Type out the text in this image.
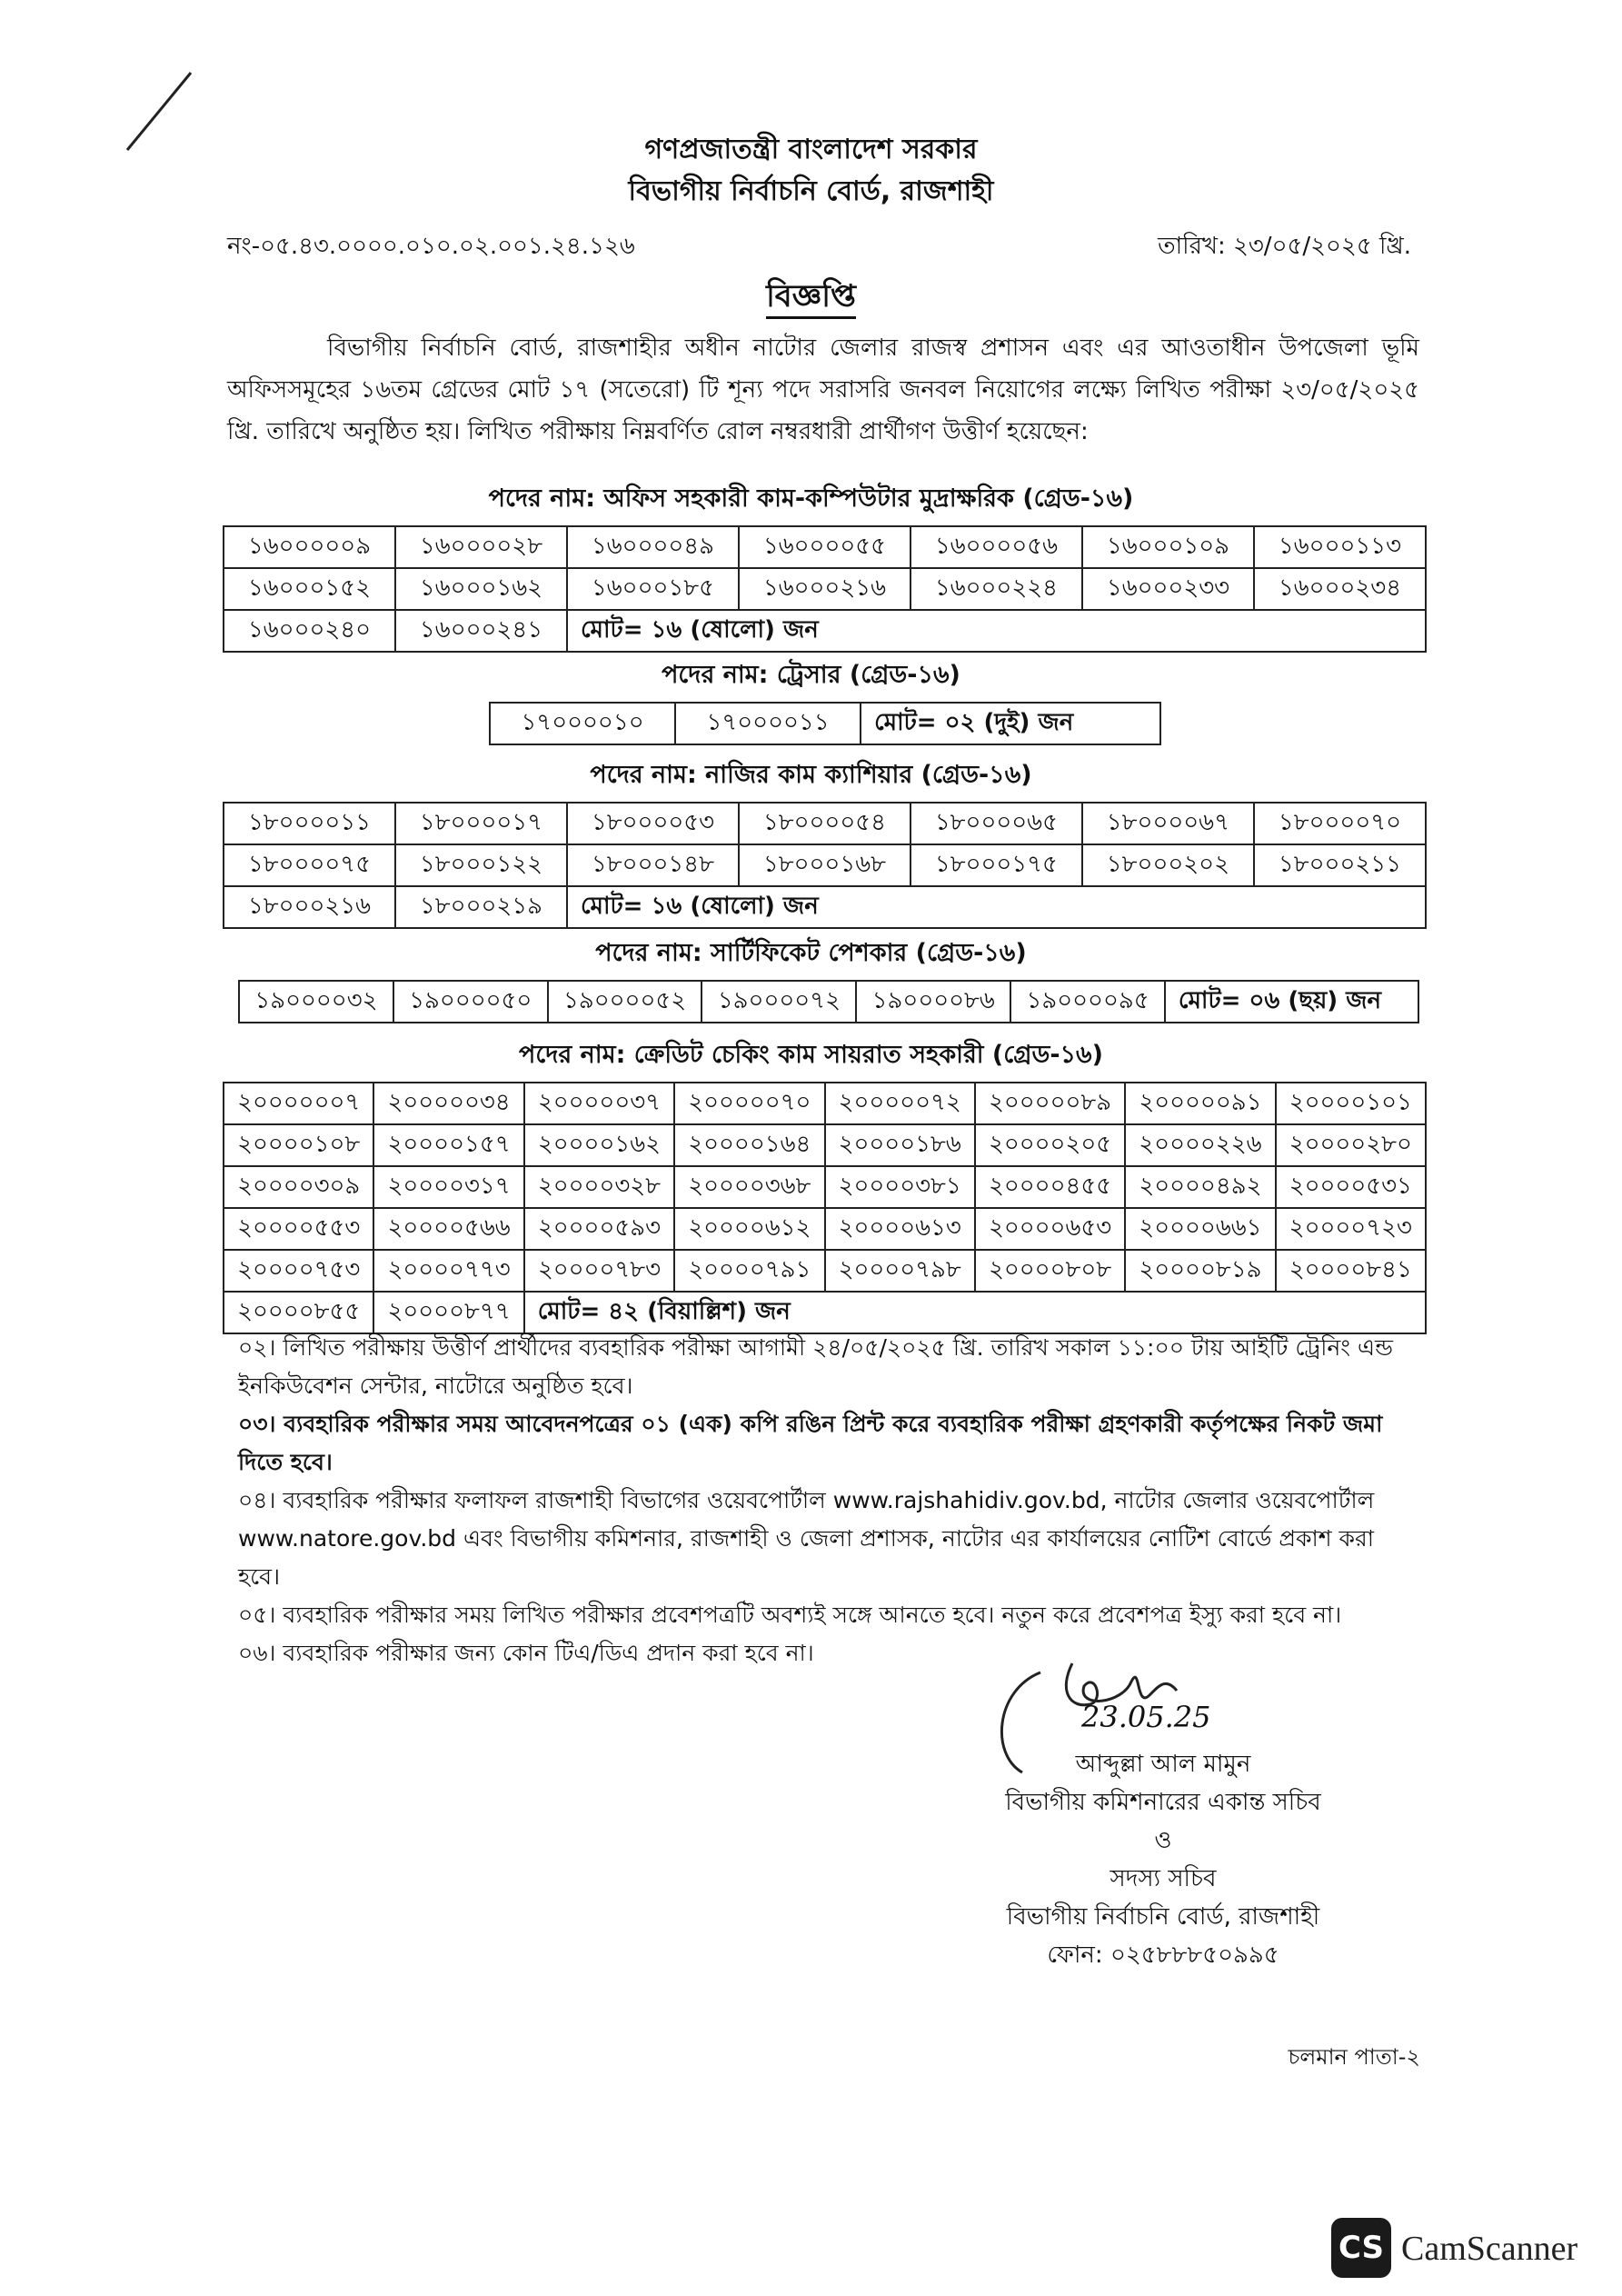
গণপ্রজাতন্ত্রী বাংলাদেশ সরকার
বিভাগীয় নির্বাচনি বোর্ড, রাজশাহী
নং-০৫.৪৩.০০০০.০১০.০২.০০১.২৪.১২৬	তারিখ: ২৩/০৫/২০২৫ খ্রি.
বিজ্ঞপ্তি
বিভাগীয় নির্বাচনি বোর্ড, রাজশাহীর অধীন নাটোর জেলার রাজস্ব প্রশাসন এবং এর আওতাধীন উপজেলা ভূমি অফিসসমূহের ১৬তম গ্রেডের মোট ১৭ (সতেরো) টি শূন্য পদে সরাসরি জনবল নিয়োগের লক্ষ্যে লিখিত পরীক্ষা ২৩/০৫/২০২৫ খ্রি. তারিখে অনুষ্ঠিত হয়। লিখিত পরীক্ষায় নিম্নবর্ণিত রোল নম্বরধারী প্রার্থীগণ উত্তীর্ণ হয়েছেন:
পদের নাম: অফিস সহকারী কাম-কম্পিউটার মুদ্রাক্ষরিক (গ্রেড-১৬)
১৬০০০০০৯	১৬০০০০২৮	১৬০০০০৪৯	১৬০০০০৫৫	১৬০০০০৫৬	১৬০০০১০৯	১৬০০০১১৩
১৬০০০১৫২	১৬০০০১৬২	১৬০০০১৮৫	১৬০০০২১৬	১৬০০০২২৪	১৬০০০২৩৩	১৬০০০২৩৪
১৬০০০২৪০	১৬০০০২৪১	মোট= ১৬ (ষোলো) জন				
পদের নাম: ট্রেসার (গ্রেড-১৬)
১৭০০০০১০	১৭০০০০১১	মোট= ০২ (দুই) জন
পদের নাম: নাজির কাম ক্যাশিয়ার (গ্রেড-১৬)
১৮০০০০১১	১৮০০০০১৭	১৮০০০০৫৩	১৮০০০০৫৪	১৮০০০০৬৫	১৮০০০০৬৭	১৮০০০০৭০
১৮০০০০৭৫	১৮০০০১২২	১৮০০০১৪৮	১৮০০০১৬৮	১৮০০০১৭৫	১৮০০০২০২	১৮০০০২১১
১৮০০০২১৬	১৮০০০২১৯	মোট= ১৬ (ষোলো) জন				
পদের নাম: সার্টিফিকেট পেশকার (গ্রেড-১৬)
১৯০০০০৩২	১৯০০০০৫০	১৯০০০০৫২	১৯০০০০৭২	১৯০০০০৮৬	১৯০০০০৯৫	মোট= ০৬ (ছয়) জন
পদের নাম: ক্রেডিট চেকিং কাম সায়রাত সহকারী (গ্রেড-১৬)
২০০০০০০৭	২০০০০০৩৪	২০০০০০৩৭	২০০০০০৭০	২০০০০০৭২	২০০০০০৮৯	২০০০০০৯১	২০০০০১০১
২০০০০১০৮	২০০০০১৫৭	২০০০০১৬২	২০০০০১৬৪	২০০০০১৮৬	২০০০০২০৫	২০০০০২২৬	২০০০০২৮০
২০০০০৩০৯	২০০০০৩১৭	২০০০০৩২৮	২০০০০৩৬৮	২০০০০৩৮১	২০০০০৪৫৫	২০০০০৪৯২	২০০০০৫৩১
২০০০০৫৫৩	২০০০০৫৬৬	২০০০০৫৯৩	২০০০০৬১২	২০০০০৬১৩	২০০০০৬৫৩	২০০০০৬৬১	২০০০০৭২৩
২০০০০৭৫৩	২০০০০৭৭৩	২০০০০৭৮৩	২০০০০৭৯১	২০০০০৭৯৮	২০০০০৮০৮	২০০০০৮১৯	২০০০০৮৪১
২০০০০৮৫৫	২০০০০৮৭৭	মোট= ৪২ (বিয়াল্লিশ) জন					

০২। লিখিত পরীক্ষায় উত্তীর্ণ প্রার্থীদের ব্যবহারিক পরীক্ষা আগামী ২৪/০৫/২০২৫ খ্রি. তারিখ সকাল ১১:০০ টায় আইটি ট্রেনিং এন্ড ইনকিউবেশন সেন্টার, নাটোরে অনুষ্ঠিত হবে।

০৩। ব্যবহারিক পরীক্ষার সময় আবেদনপত্রের ০১ (এক) কপি রঙিন প্রিন্ট করে ব্যবহারিক পরীক্ষা গ্রহণকারী কর্তৃপক্ষের নিকট জমা দিতে হবে।

০৪। ব্যবহারিক পরীক্ষার ফলাফল রাজশাহী বিভাগের ওয়েবপোর্টাল www.rajshahidiv.gov.bd, নাটোর জেলার ওয়েবপোর্টাল www.natore.gov.bd এবং বিভাগীয় কমিশনার, রাজশাহী ও জেলা প্রশাসক, নাটোর এর কার্যালয়ের নোটিশ বোর্ডে প্রকাশ করা হবে।

০৫। ব্যবহারিক পরীক্ষার সময় লিখিত পরীক্ষার প্রবেশপত্রটি অবশ্যই সঙ্গে আনতে হবে। নতুন করে প্রবেশপত্র ইস্যু করা হবে না।

০৬। ব্যবহারিক পরীক্ষার জন্য কোন টিএ/ডিএ প্রদান করা হবে না।

23.05.25
আব্দুল্লা আল মামুন
বিভাগীয় কমিশনারের একান্ত সচিব
ও
সদস্য সচিব
বিভাগীয় নির্বাচনি বোর্ড, রাজশাহী
ফোন: ০২৫৮৮৮৫০৯৯৫
চলমান পাতা-২
CS CamScanner
